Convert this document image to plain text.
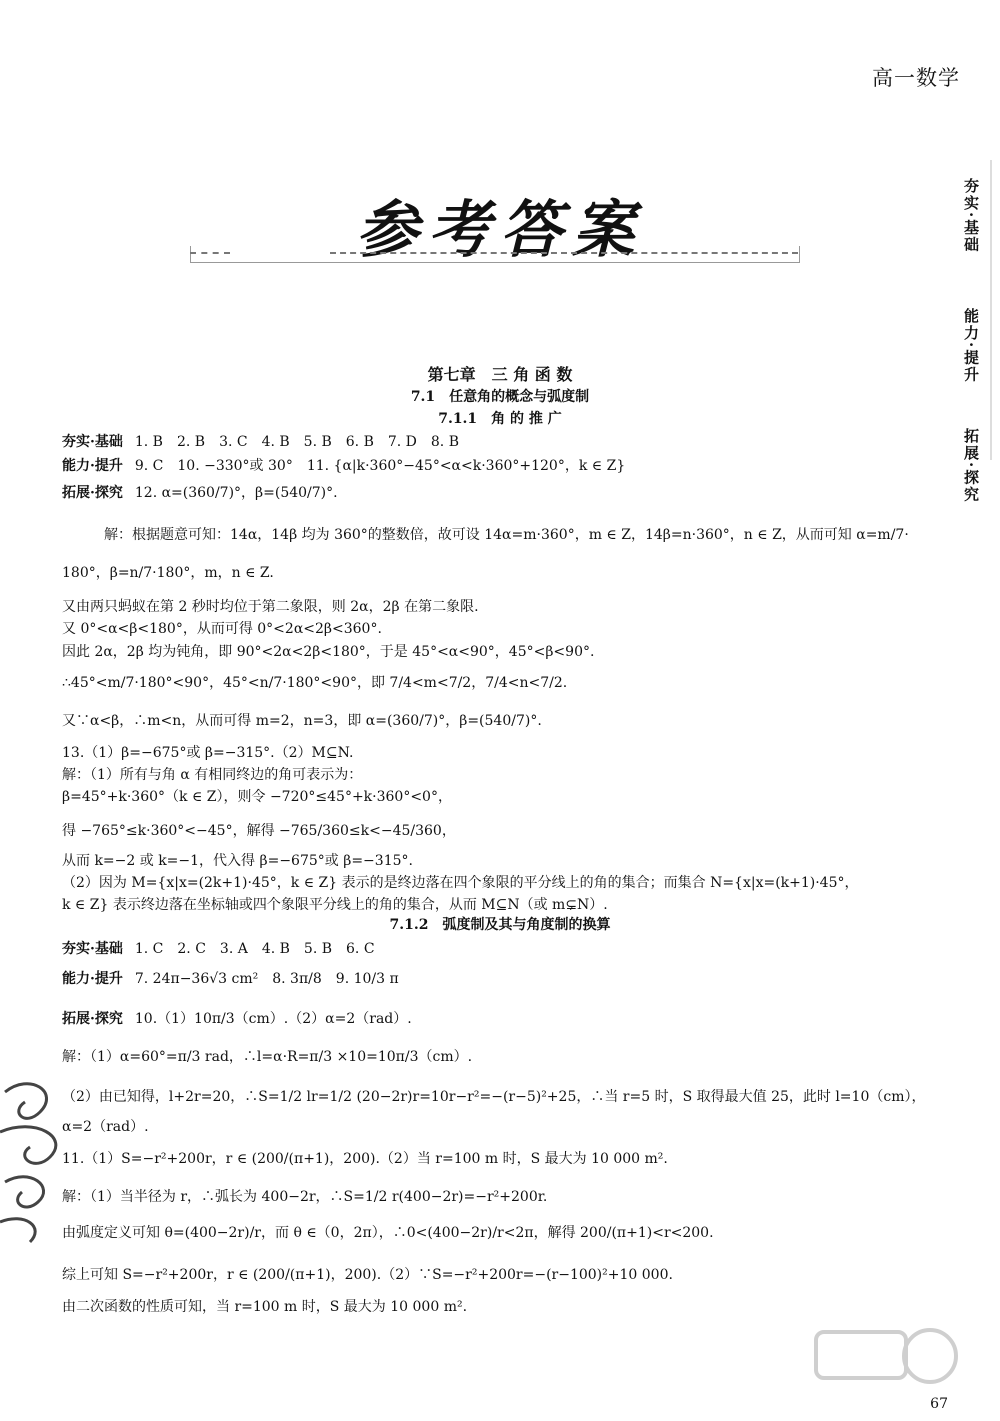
高一数学
夯实·基础
能力·提升
拓展·探究
参考答案
第七章　三 角 函 数
7.1　任意角的概念与弧度制
7.1.1　角 的 推 广
夯实·基础 1. B　2. B　3. C　4. B　5. B　6. B　7. D　8. B
能力·提升 9. C　10. −330°或 30°　11. {α|k·360°−45°<α<k·360°+120°，k ∈ Z}
拓展·探究 12. α=(360/7)°，β=(540/7)°.
解：根据题意可知：14α，14β 均为 360°的整数倍，故可设 14α=m·360°，m ∈ Z，14β=n·360°，n ∈ Z，从而可知 α=m/7·
180°，β=n/7·180°，m，n ∈ Z.
又由两只蚂蚁在第 2 秒时均位于第二象限，则 2α，2β 在第二象限.
又 0°<α<β<180°，从而可得 0°<2α<2β<360°.
因此 2α，2β 均为钝角，即 90°<2α<2β<180°，于是 45°<α<90°，45°<β<90°.
∴45°<m/7·180°<90°，45°<n/7·180°<90°，即 7/4<m<7/2，7/4<n<7/2.
又∵α<β，∴m<n，从而可得 m=2，n=3，即 α=(360/7)°，β=(540/7)°.
13.（1）β=−675°或 β=−315°.（2）M⊆N.
解：（1）所有与角 α 有相同终边的角可表示为：
β=45°+k·360°（k ∈ Z），则令 −720°≤45°+k·360°<0°，
得 −765°≤k·360°<−45°，解得 −765/360≤k<−45/360，
从而 k=−2 或 k=−1，代入得 β=−675°或 β=−315°.
（2）因为 M={x|x=(2k+1)·45°，k ∈ Z} 表示的是终边落在四个象限的平分线上的角的集合；而集合 N={x|x=(k+1)·45°，
k ∈ Z} 表示终边落在坐标轴或四个象限平分线上的角的集合，从而 M⊆N（或 m⊊N）.
7.1.2　弧度制及其与角度制的换算
夯实·基础 1. C　2. C　3. A　4. B　5. B　6. C
能力·提升 7. 24π−36√3 cm²　8. 3π/8　9. 10/3 π
拓展·探究 10.（1）10π/3（cm）.（2）α=2（rad）.
解：（1）α=60°=π/3 rad，∴l=α·R=π/3 ×10=10π/3（cm）.
（2）由已知得，l+2r=20，∴S=1/2 lr=1/2 (20−2r)r=10r−r²=−(r−5)²+25，∴当 r=5 时，S 取得最大值 25，此时 l=10（cm），
α=2（rad）.
11.（1）S=−r²+200r，r ∈ (200/(π+1)，200).（2）当 r=100 m 时，S 最大为 10 000 m².
解：（1）当半径为 r，∴弧长为 400−2r，∴S=1/2 r(400−2r)=−r²+200r.
由弧度定义可知 θ=(400−2r)/r，而 θ ∈（0，2π），∴0<(400−2r)/r<2π，解得 200/(π+1)<r<200.
综上可知 S=−r²+200r，r ∈ (200/(π+1)，200).（2）∵S=−r²+200r=−(r−100)²+10 000.
由二次函数的性质可知，当 r=100 m 时，S 最大为 10 000 m².
67
